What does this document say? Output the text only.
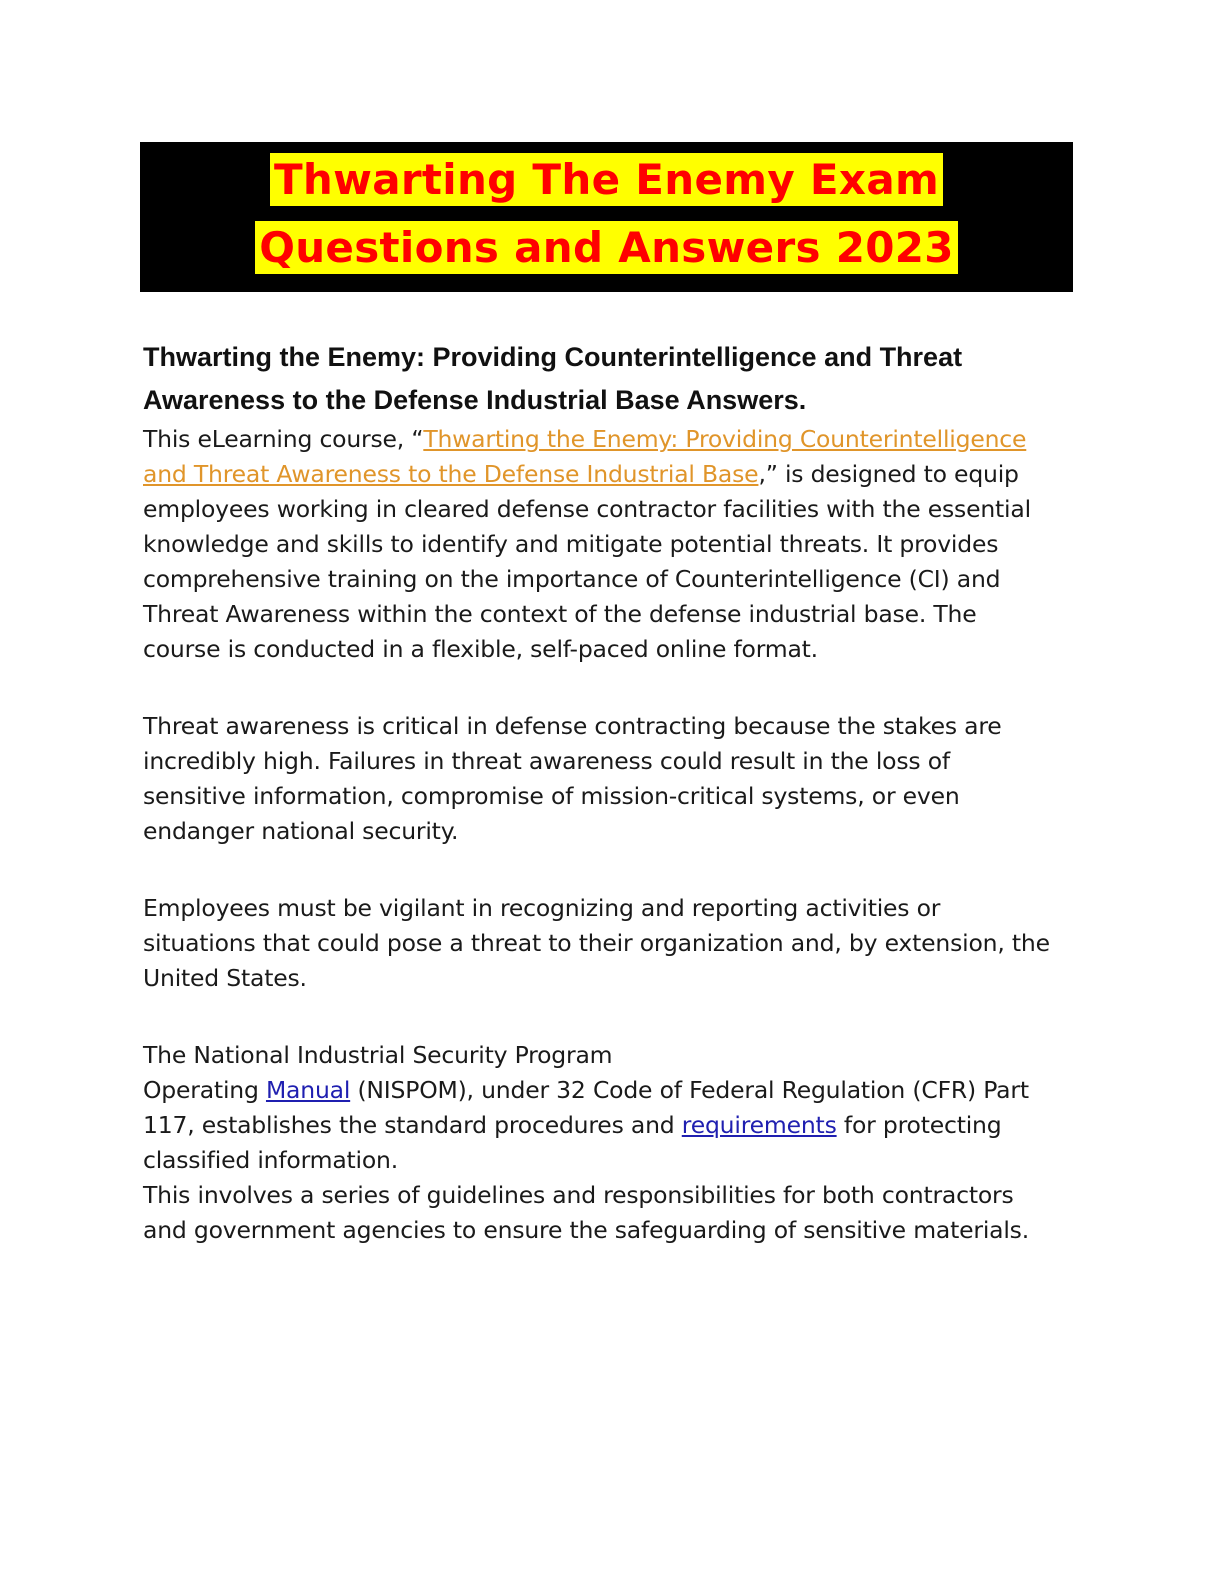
Thwarting The Enemy Exam
Questions and Answers 2023

Thwarting the Enemy: Providing Counterintelligence and Threat Awareness to the Defense Industrial Base Answers.

This eLearning course, “Thwarting the Enemy: Providing Counterintelligence and Threat Awareness to the Defense Industrial Base,” is designed to equip employees working in cleared defense contractor facilities with the essential knowledge and skills to identify and mitigate potential threats. It provides comprehensive training on the importance of Counterintelligence (CI) and Threat Awareness within the context of the defense industrial base. The course is conducted in a flexible, self-paced online format.

Threat awareness is critical in defense contracting because the stakes are incredibly high. Failures in threat awareness could result in the loss of sensitive information, compromise of mission-critical systems, or even endanger national security.

Employees must be vigilant in recognizing and reporting activities or situations that could pose a threat to their organization and, by extension, the United States.

The National Industrial Security Program
Operating Manual (NISPOM), under 32 Code of Federal Regulation (CFR) Part 117, establishes the standard procedures and requirements for protecting classified information.
This involves a series of guidelines and responsibilities for both contractors and government agencies to ensure the safeguarding of sensitive materials.
